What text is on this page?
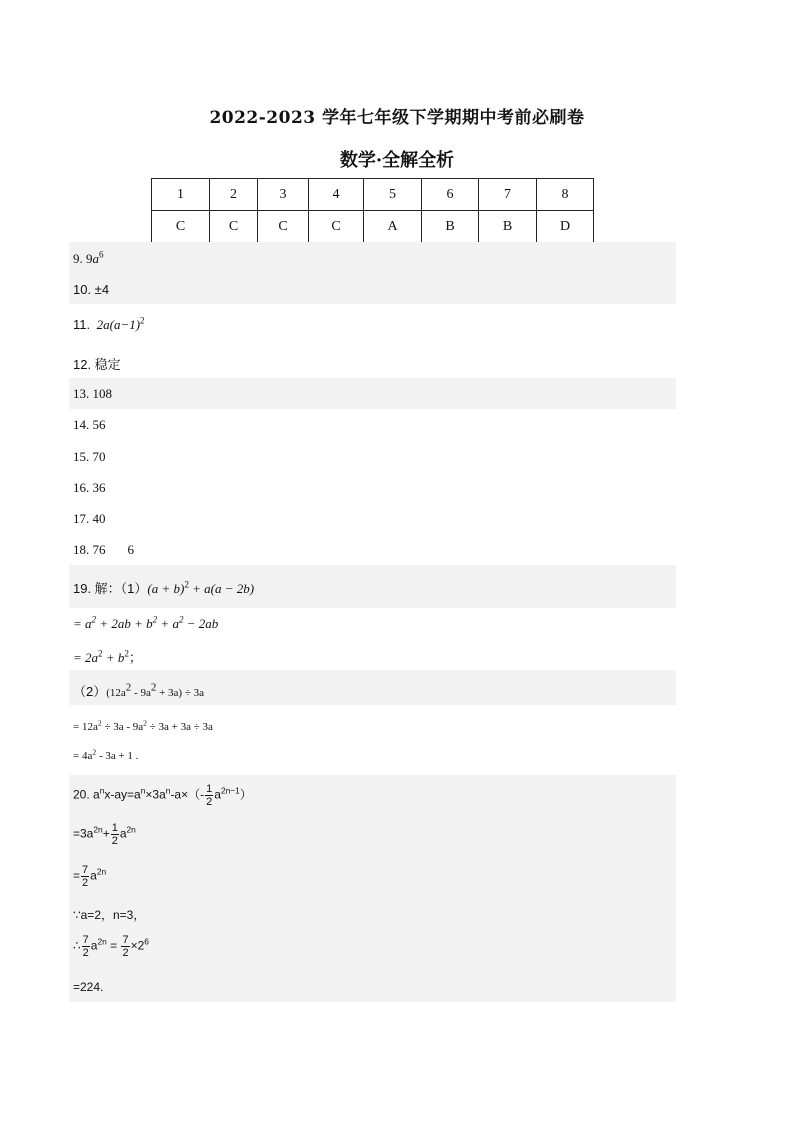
2022-2023 学年七年级下学期期中考前必刷卷
数学·全解全析
1	2	3	4	5	6	7	8
C	C	C	C	A	B	B	D
9. $9a^6$
10. ±4
11. $2a(a-1)^2$
12. 稳定
13. 108
14. 56
15. 70
16. 36
17. 40
18. 76 6
19. 解：$(1)(a + b)^2 + a(a - 2b)$
= $a^2 + 2ab + b^2 + a^2 - 2ab$
= $2a^2 + b^2$；
$(2)(12a^2 - 9a^2 + 3a) \div 3a$
= $12a^2 \div 3a - 9a^2 \div 3a + 3a \div 3a$
= $4a^2 - 3a + 1$ .
20. $a^nx-ay=a^n\times 3a^n-a\times(- \frac{1}{2} a^{2n-1})$
$=3a^{2n}+ \frac{1}{2} a^{2n}$
= $\frac{7}{2} a^{2n}$
∵a=2，n=3，
∴ $\frac{7}{2} a^{2n} = \frac{7}{2} \times 2^6$
=224.
